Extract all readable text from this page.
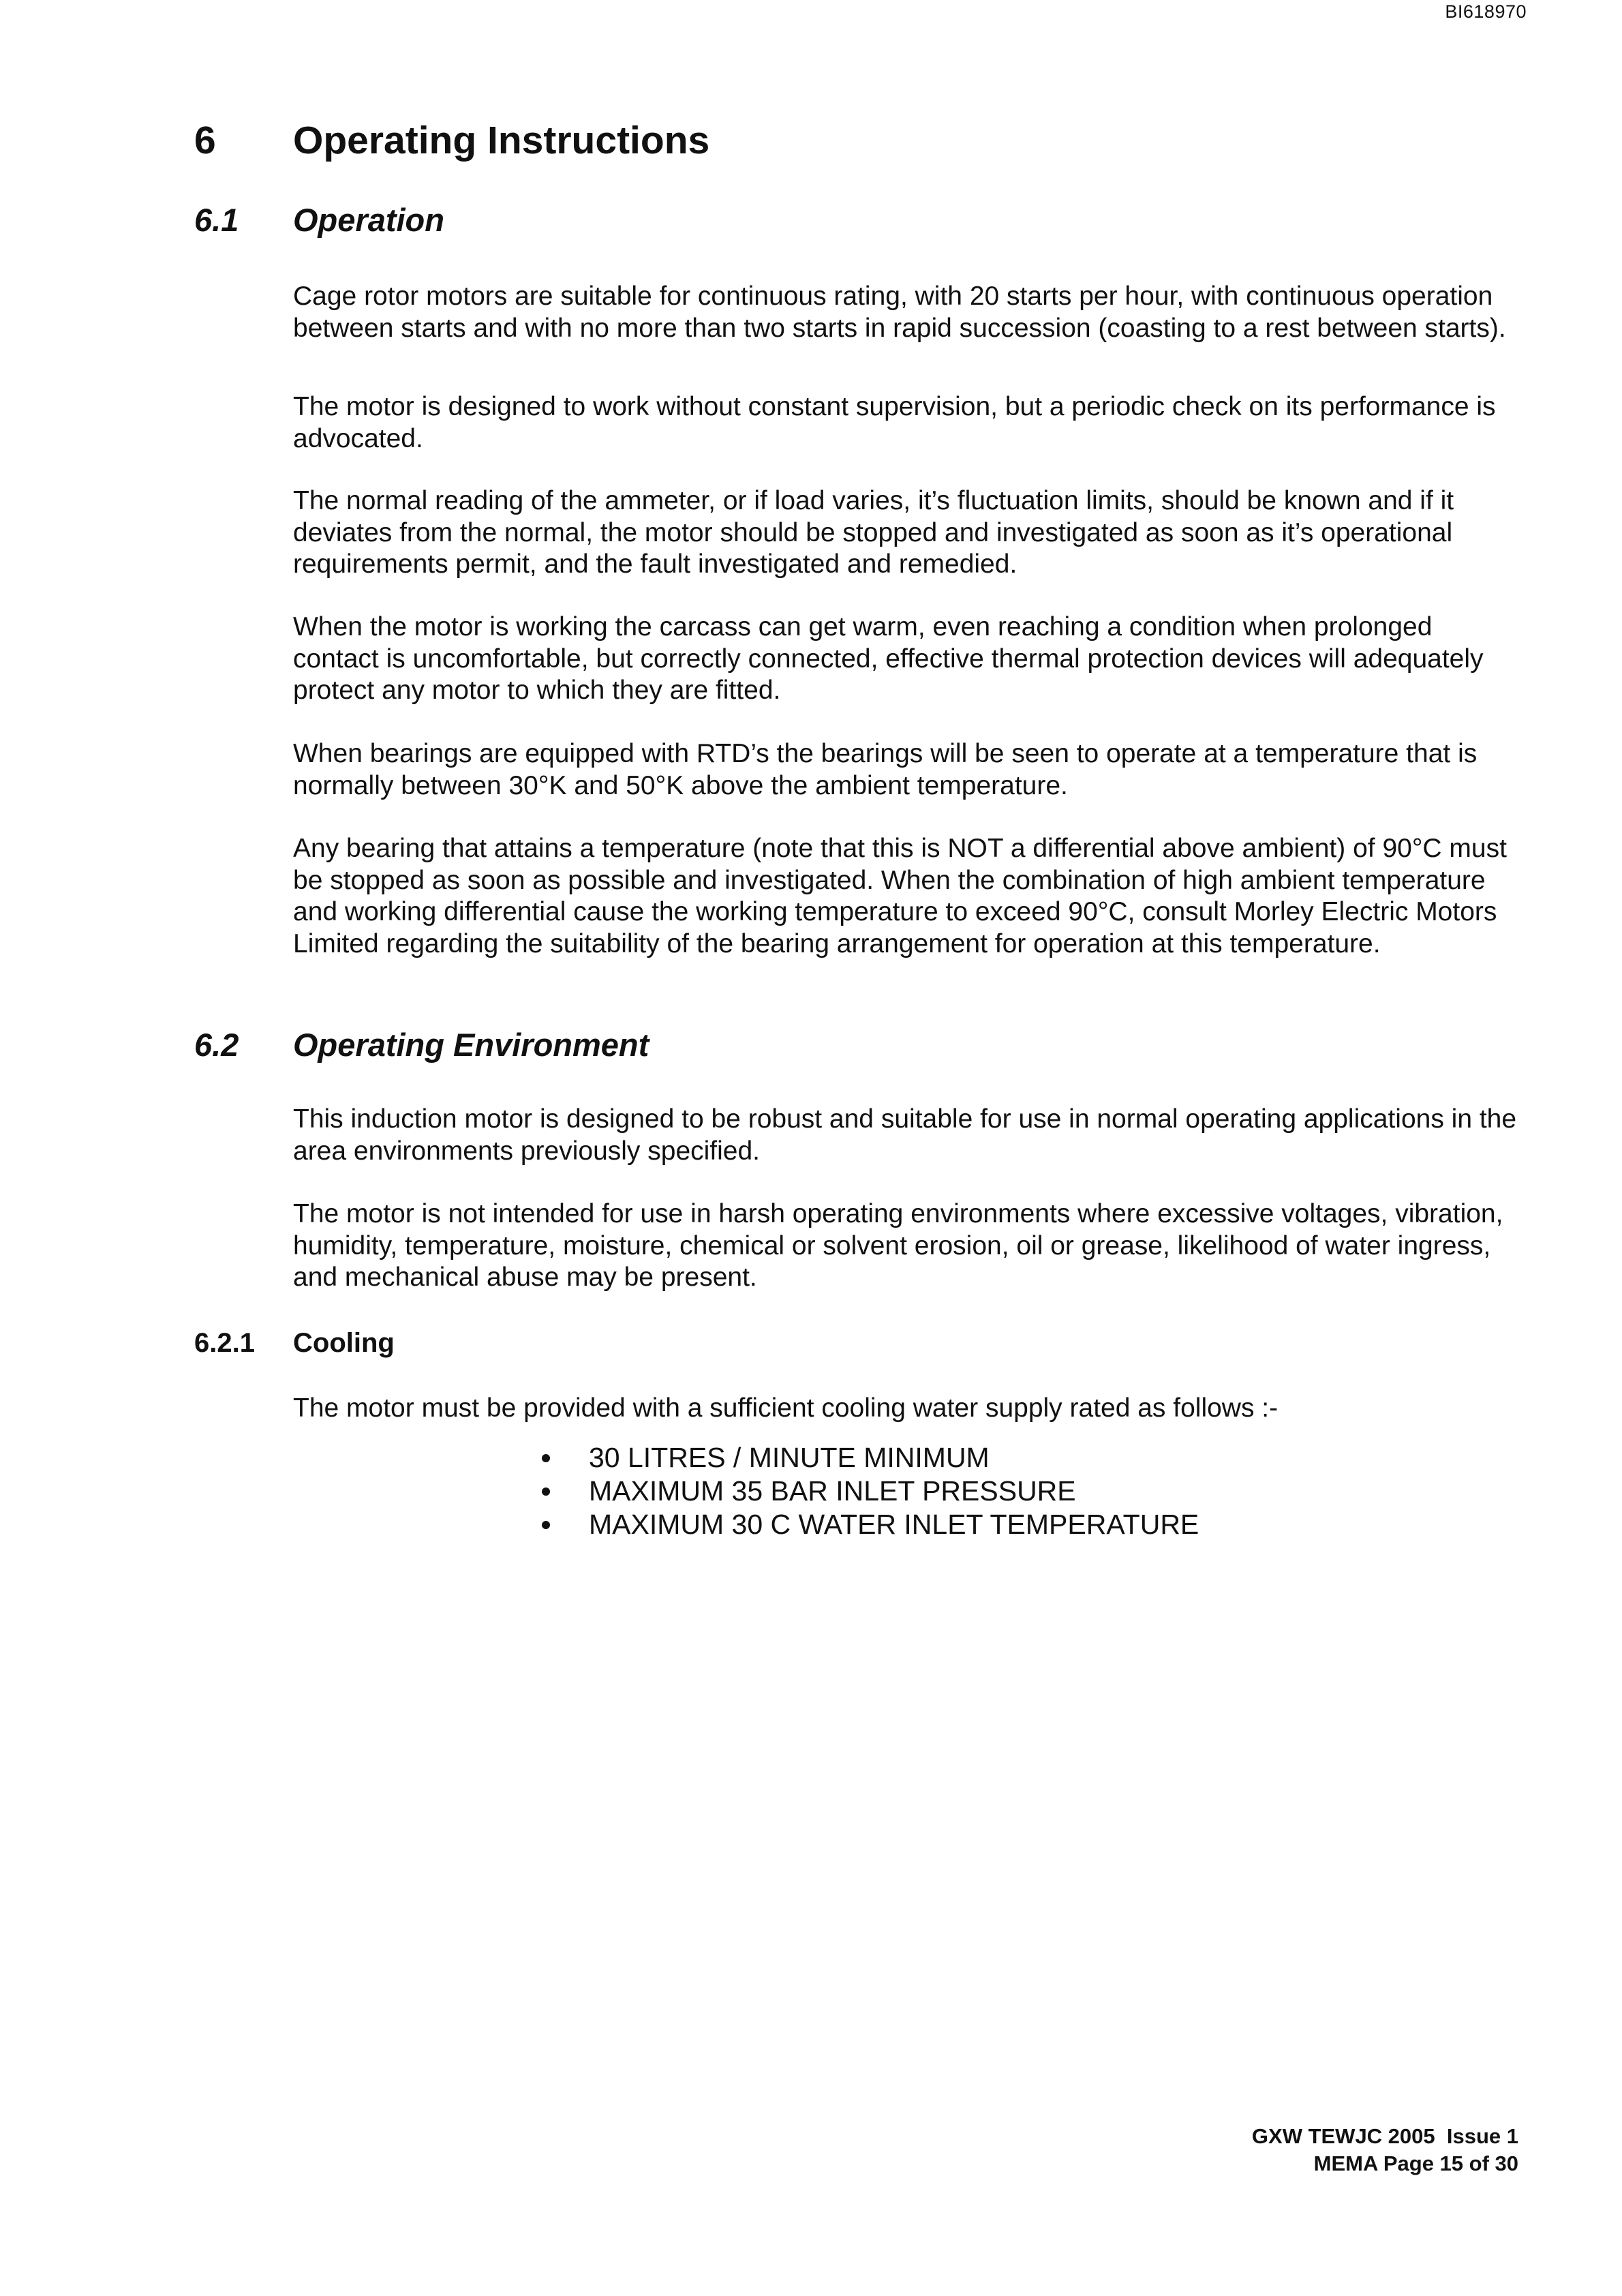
BI618970
6 Operating Instructions
6.1 Operation

Cage rotor motors are suitable for continuous rating, with 20 starts per hour, with continuous operation between starts and with no more than two starts in rapid succession (coasting to a rest between starts).

The motor is designed to work without constant supervision, but a periodic check on its performance is advocated.

The normal reading of the ammeter, or if load varies, it’s fluctuation limits, should be known and if it deviates from the normal, the motor should be stopped and investigated as soon as it’s operational requirements permit, and the fault investigated and remedied.

When the motor is working the carcass can get warm, even reaching a condition when prolonged contact is uncomfortable, but correctly connected, effective thermal protection devices will adequately protect any motor to which they are fitted.

When bearings are equipped with RTD’s the bearings will be seen to operate at a temperature that is normally between 30°K and 50°K above the ambient temperature.

Any bearing that attains a temperature (note that this is NOT a differential above ambient) of 90°C must be stopped as soon as possible and investigated. When the combination of high ambient temperature and working differential cause the working temperature to exceed 90°C, consult Morley Electric Motors Limited regarding the suitability of the bearing arrangement for operation at this temperature.

6.2 Operating Environment

This induction motor is designed to be robust and suitable for use in normal operating applications in the area environments previously specified.

The motor is not intended for use in harsh operating environments where excessive voltages, vibration, humidity, temperature, moisture, chemical or solvent erosion, oil or grease, likelihood of water ingress, and mechanical abuse may be present.

6.2.1 Cooling

The motor must be provided with a sufficient cooling water supply rated as follows :-

30 LITRES / MINUTE MINIMUM
MAXIMUM 35 BAR INLET PRESSURE
MAXIMUM 30 C WATER INLET TEMPERATURE
GXW TEWJC 2005  Issue 1
MEMA Page 15 of 30
